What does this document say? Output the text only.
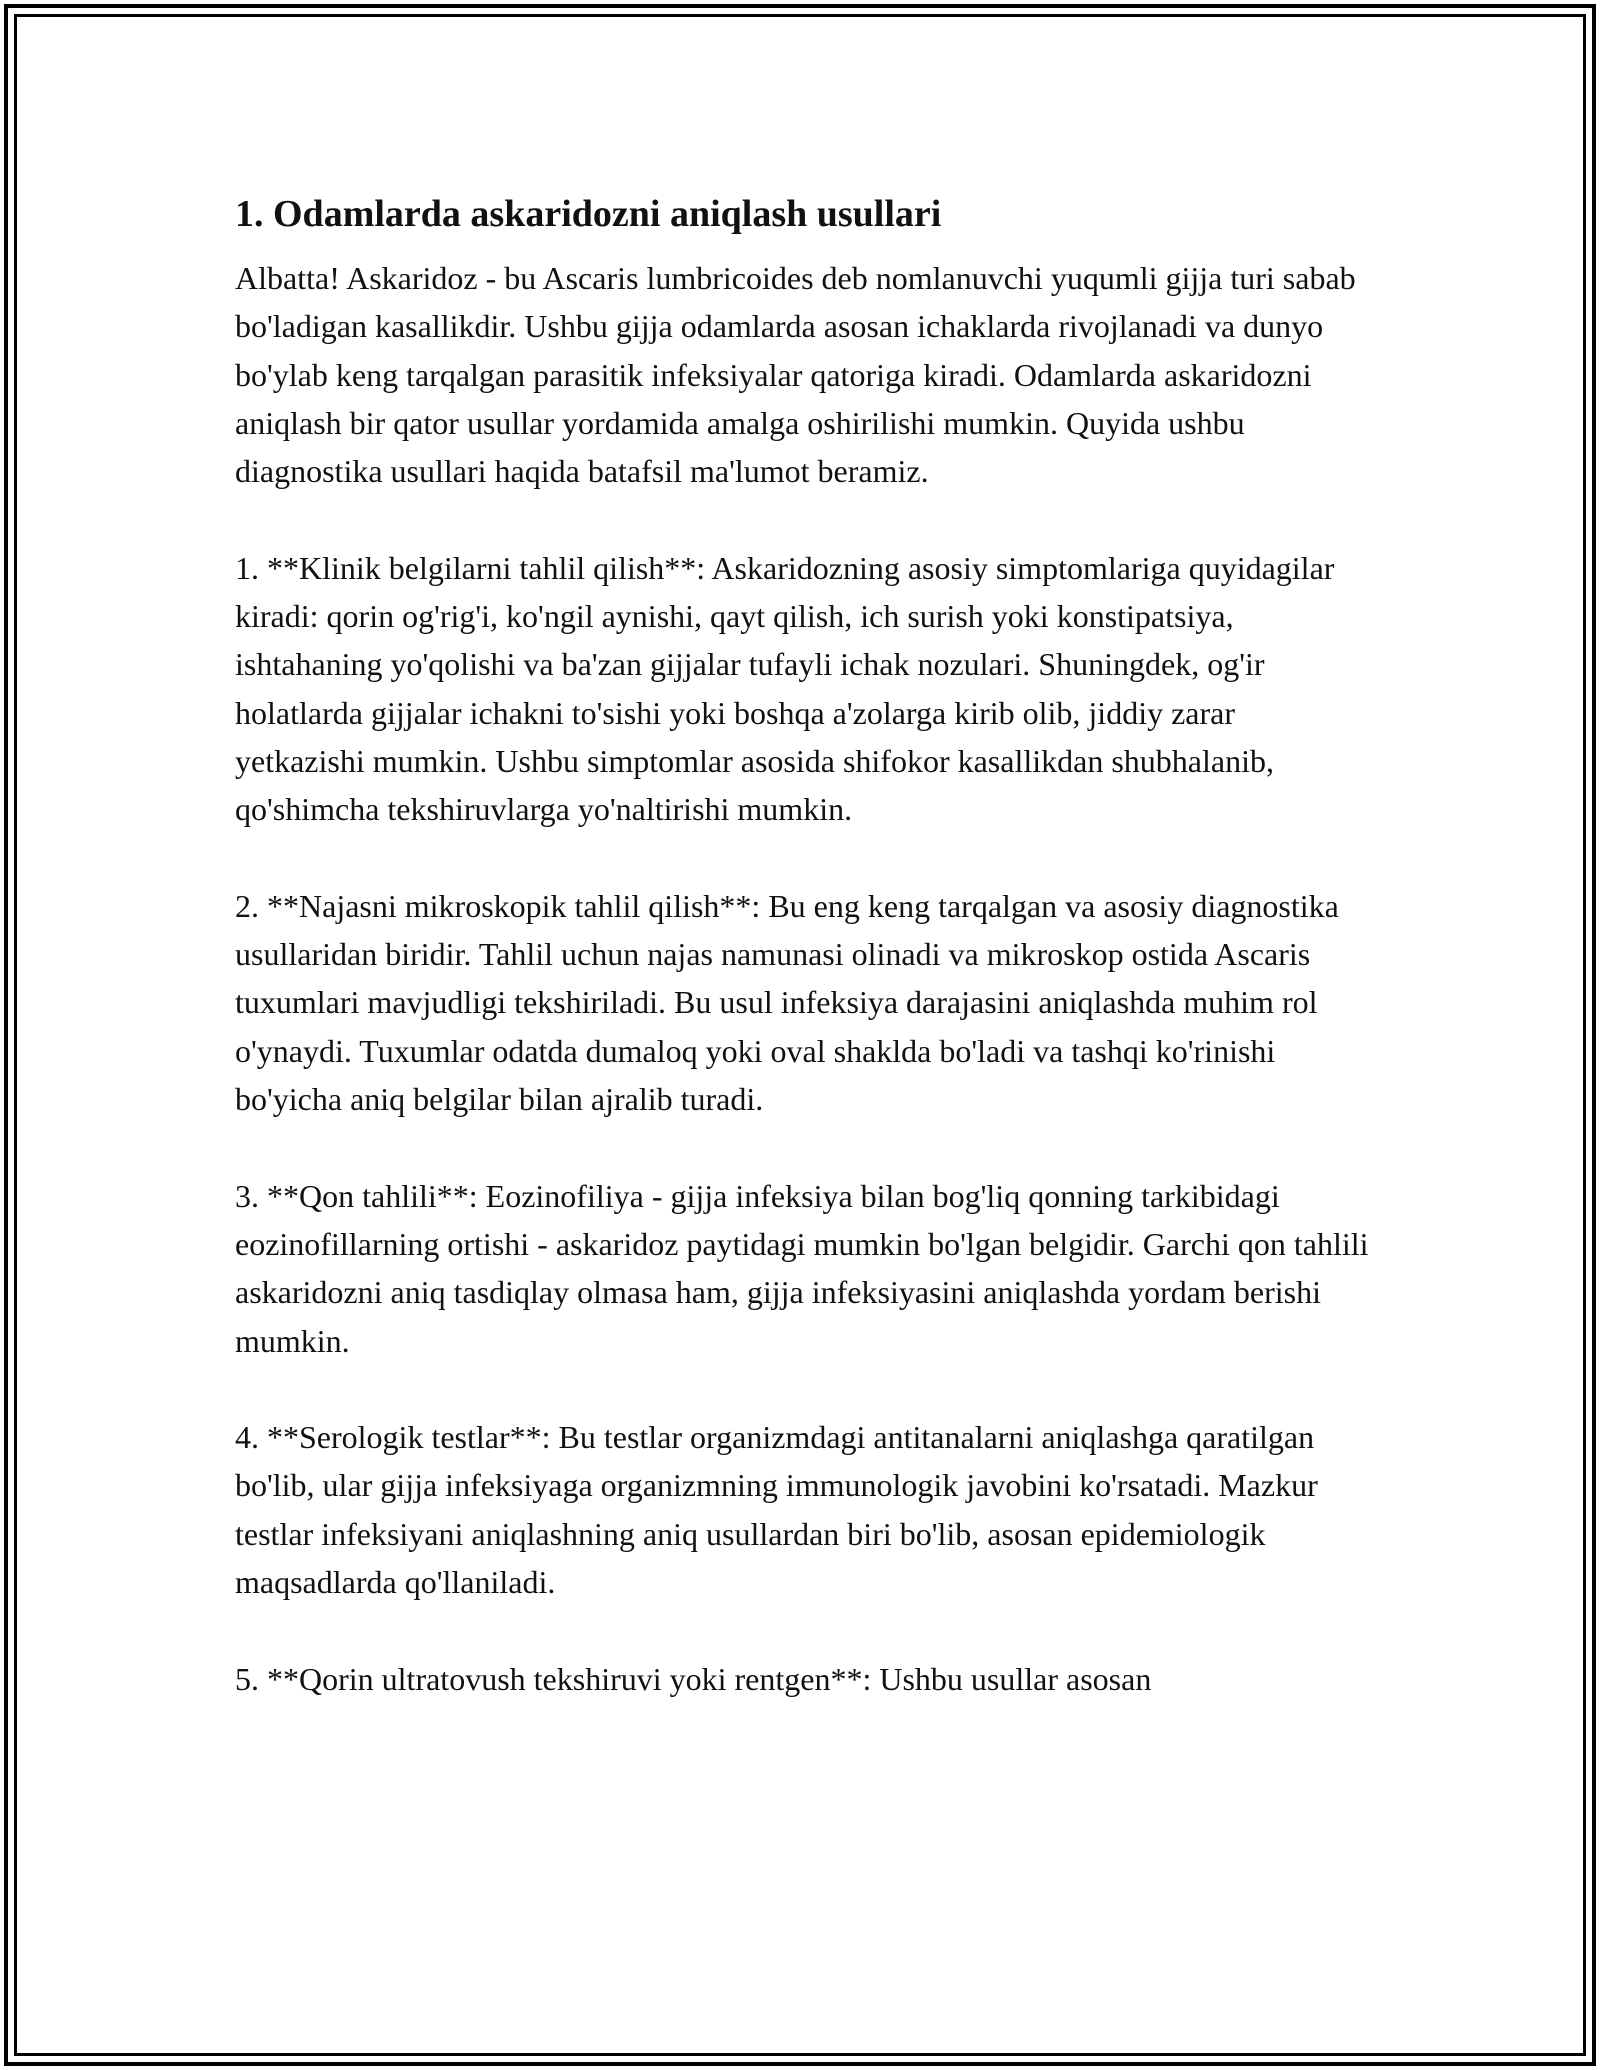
1. Odamlarda askaridozni aniqlash usullari

Albatta! Askaridoz - bu Ascaris lumbricoides deb nomlanuvchi yuqumli gijja turi sabab bo'ladigan kasallikdir. Ushbu gijja odamlarda asosan ichaklarda rivojlanadi va dunyo bo'ylab keng tarqalgan parasitik infeksiyalar qatoriga kiradi. Odamlarda askaridozni aniqlash bir qator usullar yordamida amalga oshirilishi mumkin. Quyida ushbu diagnostika usullari haqida batafsil ma'lumot beramiz.

1. **Klinik belgilarni tahlil qilish**: Askaridozning asosiy simptomlariga quyidagilar kiradi: qorin og'rig'i, ko'ngil aynishi, qayt qilish, ich surish yoki konstipatsiya, ishtahaning yo'qolishi va ba'zan gijjalar tufayli ichak nozulari. Shuningdek, og'ir holatlarda gijjalar ichakni to'sishi yoki boshqa a'zolarga kirib olib, jiddiy zarar yetkazishi mumkin. Ushbu simptomlar asosida shifokor kasallikdan shubhalanib, qo'shimcha tekshiruvlarga yo'naltirishi mumkin.

2. **Najasni mikroskopik tahlil qilish**: Bu eng keng tarqalgan va asosiy diagnostika usullaridan biridir. Tahlil uchun najas namunasi olinadi va mikroskop ostida Ascaris tuxumlari mavjudligi tekshiriladi. Bu usul infeksiya darajasini aniqlashda muhim rol o'ynaydi. Tuxumlar odatda dumaloq yoki oval shaklda bo'ladi va tashqi ko'rinishi bo'yicha aniq belgilar bilan ajralib turadi.

3. **Qon tahlili**: Eozinofiliya - gijja infeksiya bilan bog'liq qonning tarkibidagi eozinofillarning ortishi - askaridoz paytidagi mumkin bo'lgan belgidir. Garchi qon tahlili askaridozni aniq tasdiqlay olmasa ham, gijja infeksiyasini aniqlashda yordam berishi mumkin.

4. **Serologik testlar**: Bu testlar organizmdagi antitanalarni aniqlashga qaratilgan bo'lib, ular gijja infeksiyaga organizmning immunologik javobini ko'rsatadi. Mazkur testlar infeksiyani aniqlashning aniq usullardan biri bo'lib, asosan epidemiologik maqsadlarda qo'llaniladi.

5. **Qorin ultratovush tekshiruvi yoki rentgen**: Ushbu usullar asosan
